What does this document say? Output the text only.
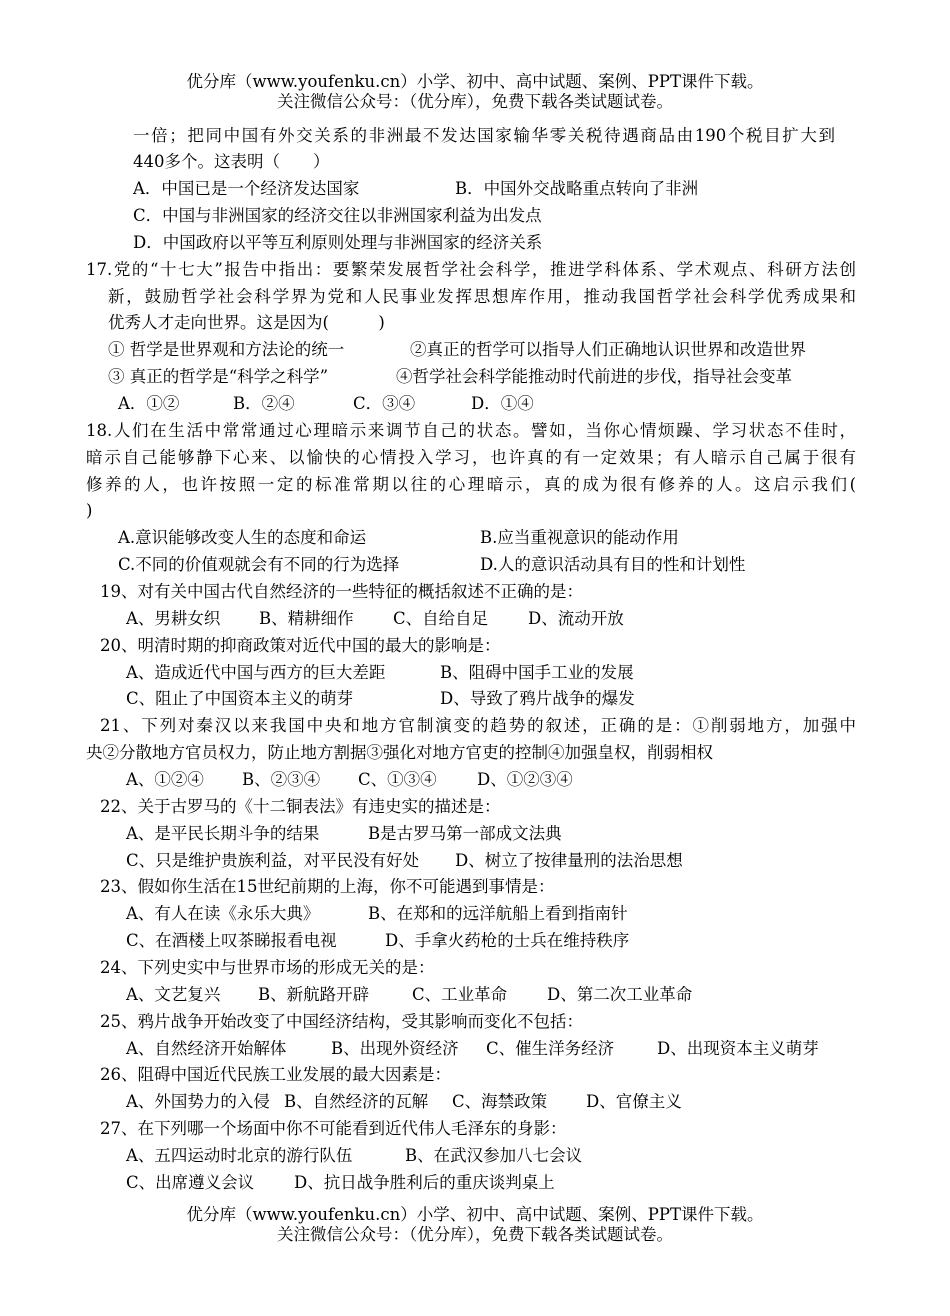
优分库（www.youfenku.cn）小学、初中、高中试题、案例、PPT课件下载。
关注微信公众号：（优分库），免费下载各类试题试卷。
一倍；把同中国有外交关系的非洲最不发达国家输华零关税待遇商品由190个税目扩大到
440多个。这表明（　　）
A．中国已是一个经济发达国家	B．中国外交战略重点转向了非洲
C．中国与非洲国家的经济交往以非洲国家利益为出发点
D．中国政府以平等互利原则处理与非洲国家的经济关系
17.党的“十七大”报告中指出：要繁荣发展哲学社会科学，推进学科体系、学术观点、科研方法创
新，鼓励哲学社会科学界为党和人民事业发挥思想库作用，推动我国哲学社会科学优秀成果和
优秀人才走向世界。这是因为(　　　)
① 哲学是世界观和方法论的统一	②真正的哲学可以指导人们正确地认识世界和改造世界
③ 真正的哲学是“科学之科学”	④哲学社会科学能推动时代前进的步伐，指导社会变革
A．①②	B．②④	C．③④	D．①④
18.人们在生活中常常通过心理暗示来调节自己的状态。譬如，当你心情烦躁、学习状态不佳时，
暗示自己能够静下心来、以愉快的心情投入学习，也许真的有一定效果；有人暗示自己属于很有
修养的人，也许按照一定的标准常期以往的心理暗示，真的成为很有修养的人。这启示我们(
)
A.意识能够改变人生的态度和命运	B.应当重视意识的能动作用
C.不同的价值观就会有不同的行为选择	D.人的意识活动具有目的性和计划性
19、对有关中国古代自然经济的一些特征的概括叙述不正确的是：
A、男耕女织 B、精耕细作 C、自给自足 D、流动开放
20、明清时期的抑商政策对近代中国的最大的影响是：
A、造成近代中国与西方的巨大差距	B、阻碍中国手工业的发展
C、阻止了中国资本主义的萌芽	D、导致了鸦片战争的爆发
21、下列对秦汉以来我国中央和地方官制演变的趋势的叙述，正确的是：①削弱地方，加强中
央②分散地方官员权力，防止地方割据③强化对地方官吏的控制④加强皇权，削弱相权
A、①②④ B、②③④ C、①③④ D、①②③④
22、关于古罗马的《十二铜表法》有违史实的描述是：
A、是平民长期斗争的结果	B是古罗马第一部成文法典
C、只是维护贵族利益，对平民没有好处 D、树立了按律量刑的法治思想
23、假如你生活在15世纪前期的上海，你不可能遇到事情是：
A、有人在读《永乐大典》	B、在郑和的远洋航船上看到指南针
C、在酒楼上叹茶睇报看电视	D、手拿火药枪的士兵在维持秩序
24、下列史实中与世界市场的形成无关的是：
A、文艺复兴 B、新航路开辟	C、工业革命 D、第二次工业革命
25、鸦片战争开始改变了中国经济结构，受其影响而变化不包括：
A、自然经济开始解体	B、出现外资经济 C、催生洋务经济	D、出现资本主义萌芽
26、阻碍中国近代民族工业发展的最大因素是：
A、外国势力的入侵 B、自然经济的瓦解 C、海禁政策 D、官僚主义
27、在下列哪一个场面中你不可能看到近代伟人毛泽东的身影：
A、五四运动时北京的游行队伍	B、在武汉参加八七会议
C、出席遵义会议 D、抗日战争胜利后的重庆谈判桌上
优分库（www.youfenku.cn）小学、初中、高中试题、案例、PPT课件下载。
关注微信公众号：（优分库），免费下载各类试题试卷。
